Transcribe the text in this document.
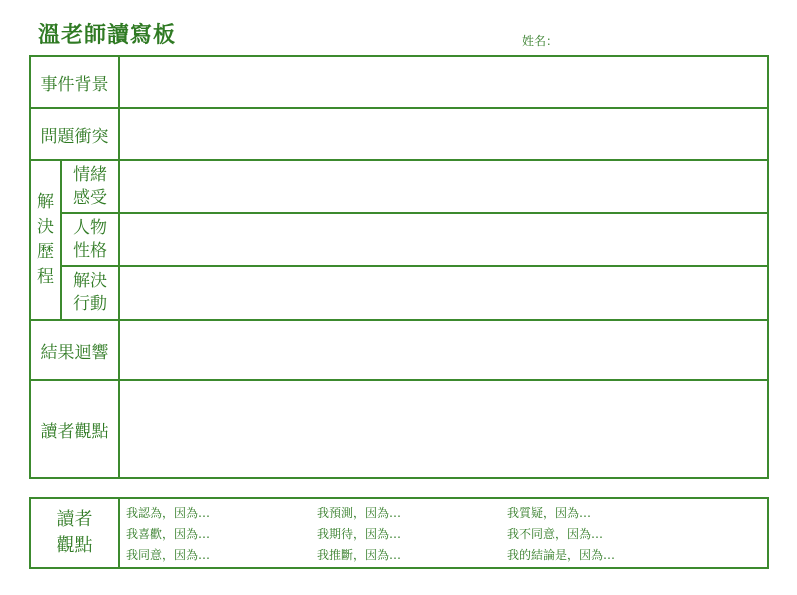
溫老師讀寫板	姓名：
事件背景
問題衝突
解
決
歷
程
情緒
感受
人物
性格
解決
行動
結果迴響
讀者觀點
讀者
觀點
我認為，因為…
我喜歡，因為…
我同意，因為…
我預測，因為…
我期待，因為…
我推斷，因為…
我質疑，因為…
我不同意，因為…
我的結論是，因為…
